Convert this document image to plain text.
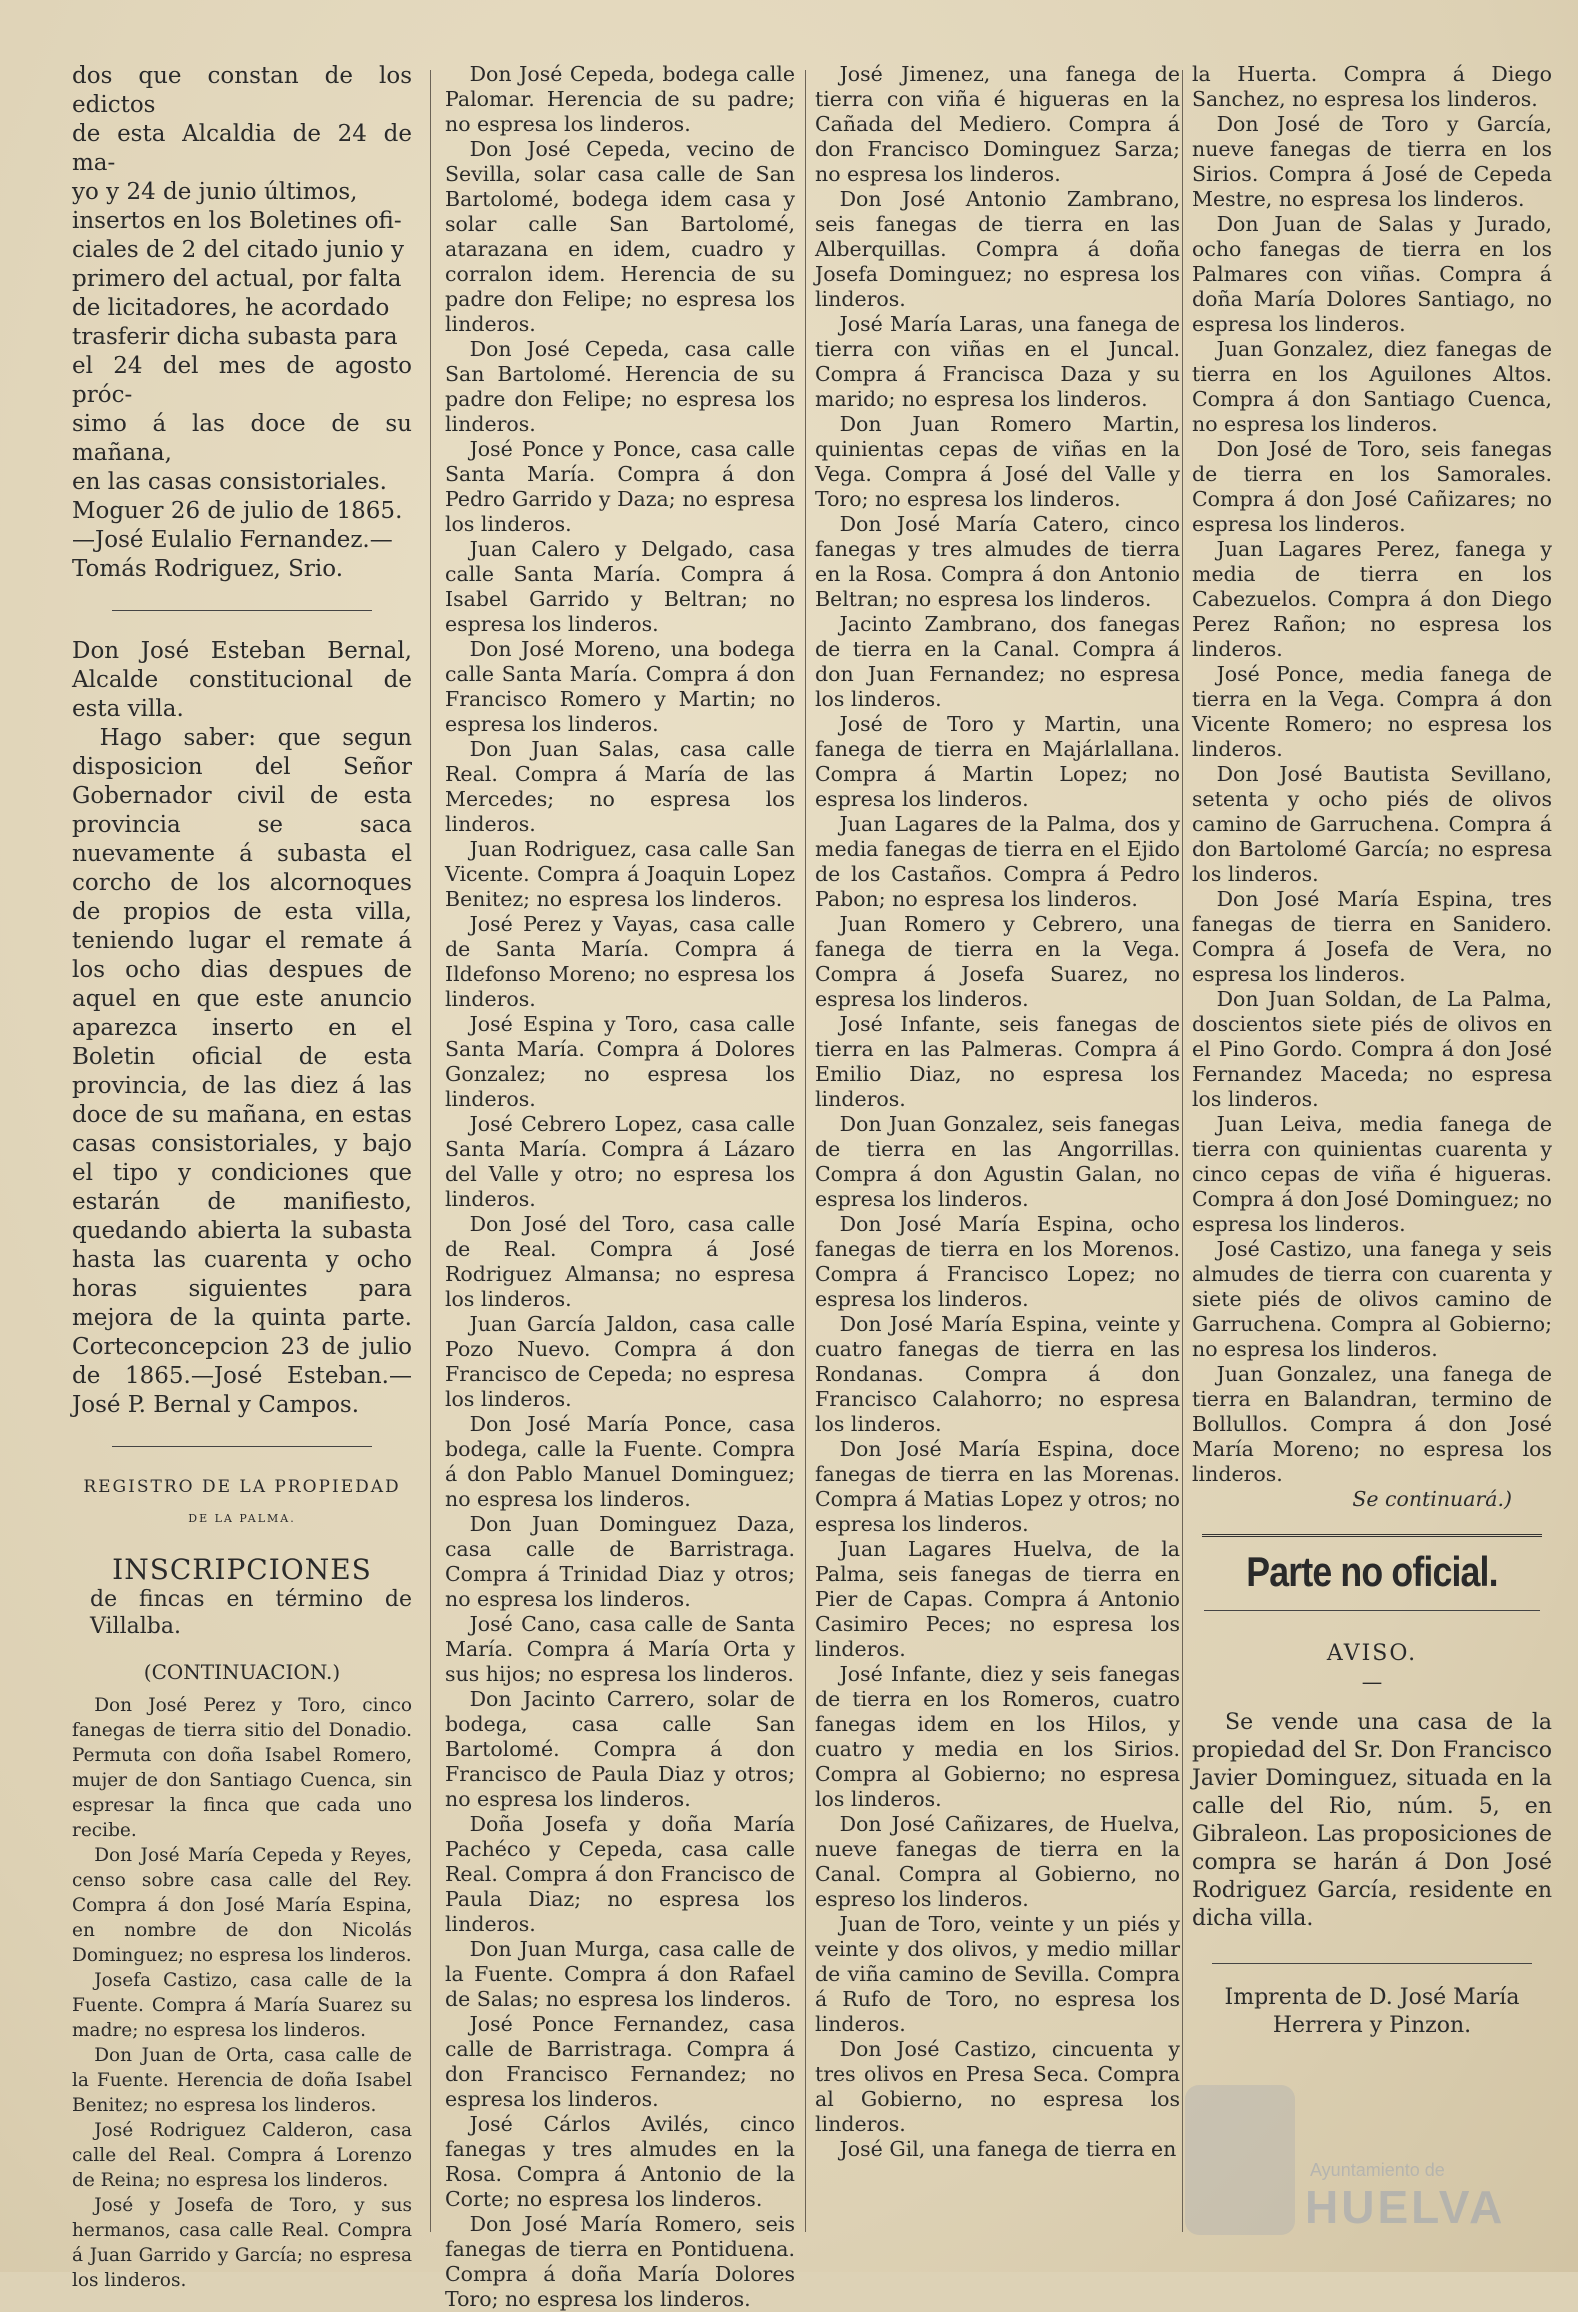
dos que constan de los edictos
de esta Alcaldia de 24 de ma-
yo y 24 de junio últimos,
insertos en los Boletines ofi-
ciales de 2 del citado junio y
primero del actual, por falta
de licitadores, he acordado
trasferir dicha subasta para
el 24 del mes de agosto próc-
simo á las doce de su mañana,
en las casas consistoriales.
Moguer 26 de julio de 1865.
—José Eulalio Fernandez.—
Tomás Rodriguez, Srio.

Don José Esteban Bernal, Alcalde constitucional de esta villa.

Hago saber: que segun disposicion del Señor Gobernador civil de esta provincia se saca nuevamente á subasta el corcho de los alcornoques de propios de esta villa, teniendo lugar el remate á los ocho dias despues de aquel en que este anuncio aparezca inserto en el Boletin oficial de esta provincia, de las diez á las doce de su mañana, en estas casas consistoriales, y bajo el tipo y condiciones que estarán de manifiesto, quedando abierta la subasta hasta las cuarenta y ocho horas siguientes para mejora de la quinta parte. Corteconcepcion 23 de julio de 1865.—José Esteban.—José P. Bernal y Campos.

REGISTRO DE LA PROPIEDAD
DE LA PALMA.
INSCRIPCIONES
de fincas en término de Villalba.
(CONTINUACION.)

Don José Perez y Toro, cinco fanegas de tierra sitio del Donadio. Permuta con doña Isabel Romero, mujer de don Santiago Cuenca, sin espresar la finca que cada uno recibe.

Don José María Cepeda y Reyes, censo sobre casa calle del Rey. Compra á don José María Espina, en nombre de don Nicolás Dominguez; no espresa los linderos.

Josefa Castizo, casa calle de la Fuente. Compra á María Suarez su madre; no espresa los linderos.

Don Juan de Orta, casa calle de la Fuente. Herencia de doña Isabel Benitez; no espresa los linderos.

José Rodriguez Calderon, casa calle del Real. Compra á Lorenzo de Reina; no espresa los linderos.

José y Josefa de Toro, y sus hermanos, casa calle Real. Compra á Juan Garrido y García; no espresa los linderos.

Don José Cepeda, bodega calle Palomar. Herencia de su padre; no espresa los linderos.

Don José Cepeda, vecino de Sevilla, solar casa calle de San Bartolomé, bodega idem casa y solar calle San Bartolomé, atarazana en idem, cuadro y corralon idem. Herencia de su padre don Felipe; no espresa los linderos.

Don José Cepeda, casa calle San Bartolomé. Herencia de su padre don Felipe; no espresa los linderos.

José Ponce y Ponce, casa calle Santa María. Compra á don Pedro Garrido y Daza; no espresa los linderos.

Juan Calero y Delgado, casa calle Santa María. Compra á Isabel Garrido y Beltran; no espresa los linderos.

Don José Moreno, una bodega calle Santa María. Compra á don Francisco Romero y Martin; no espresa los linderos.

Don Juan Salas, casa calle Real. Compra á María de las Mercedes; no espresa los linderos.

Juan Rodriguez, casa calle San Vicente. Compra á Joaquin Lopez Benitez; no espresa los linderos.

José Perez y Vayas, casa calle de Santa María. Compra á Ildefonso Moreno; no espresa los linderos.

José Espina y Toro, casa calle Santa María. Compra á Dolores Gonzalez; no espresa los linderos.

José Cebrero Lopez, casa calle Santa María. Compra á Lázaro del Valle y otro; no espresa los linderos.

Don José del Toro, casa calle de Real. Compra á José Rodriguez Almansa; no espresa los linderos.

Juan García Jaldon, casa calle Pozo Nuevo. Compra á don Francisco de Cepeda; no espresa los linderos.

Don José María Ponce, casa bodega, calle la Fuente. Compra á don Pablo Manuel Dominguez; no espresa los linderos.

Don Juan Dominguez Daza, casa calle de Barristraga. Compra á Trinidad Diaz y otros; no espresa los linderos.

José Cano, casa calle de Santa María. Compra á María Orta y sus hijos; no espresa los linderos.

Don Jacinto Carrero, solar de bodega, casa calle San Bartolomé. Compra á don Francisco de Paula Diaz y otros; no espresa los linderos.

Doña Josefa y doña María Pachéco y Cepeda, casa calle Real. Compra á don Francisco de Paula Diaz; no espresa los linderos.

Don Juan Murga, casa calle de la Fuente. Compra á don Rafael de Salas; no espresa los linderos.

José Ponce Fernandez, casa calle de Barristraga. Compra á don Francisco Fernandez; no espresa los linderos.

José Cárlos Avilés, cinco fanegas y tres almudes en la Rosa. Compra á Antonio de la Corte; no espresa los linderos.

Don José María Romero, seis fanegas de tierra en Pontiduena. Compra á doña María Dolores Toro; no espresa los linderos.

José Jimenez, una fanega de tierra con viña é higueras en la Cañada del Mediero. Compra á don Francisco Dominguez Sarza; no espresa los linderos.

Don José Antonio Zambrano, seis fanegas de tierra en las Alberquillas. Compra á doña Josefa Dominguez; no espresa los linderos.

José María Laras, una fanega de tierra con viñas en el Juncal. Compra á Francisca Daza y su marido; no espresa los linderos.

Don Juan Romero Martin, quinientas cepas de viñas en la Vega. Compra á José del Valle y Toro; no espresa los linderos.

Don José María Catero, cinco fanegas y tres almudes de tierra en la Rosa. Compra á don Antonio Beltran; no espresa los linderos.

Jacinto Zambrano, dos fanegas de tierra en la Canal. Compra á don Juan Fernandez; no espresa los linderos.

José de Toro y Martin, una fanega de tierra en Majárlallana. Compra á Martin Lopez; no espresa los linderos.

Juan Lagares de la Palma, dos y media fanegas de tierra en el Ejido de los Castaños. Compra á Pedro Pabon; no espresa los linderos.

Juan Romero y Cebrero, una fanega de tierra en la Vega. Compra á Josefa Suarez, no espresa los linderos.

José Infante, seis fanegas de tierra en las Palmeras. Compra á Emilio Diaz, no espresa los linderos.

Don Juan Gonzalez, seis fanegas de tierra en las Angorrillas. Compra á don Agustin Galan, no espresa los linderos.

Don José María Espina, ocho fanegas de tierra en los Morenos. Compra á Francisco Lopez; no espresa los linderos.

Don José María Espina, veinte y cuatro fanegas de tierra en las Rondanas. Compra á don Francisco Calahorro; no espresa los linderos.

Don José María Espina, doce fanegas de tierra en las Morenas. Compra á Matias Lopez y otros; no espresa los linderos.

Juan Lagares Huelva, de la Palma, seis fanegas de tierra en Pier de Capas. Compra á Antonio Casimiro Peces; no espresa los linderos.

José Infante, diez y seis fanegas de tierra en los Romeros, cuatro fanegas idem en los Hilos, y cuatro y media en los Sirios. Compra al Gobierno; no espresa los linderos.

Don José Cañizares, de Huelva, nueve fanegas de tierra en la Canal. Compra al Gobierno, no espreso los linderos.

Juan de Toro, veinte y un piés y veinte y dos olivos, y medio millar de viña camino de Sevilla. Compra á Rufo de Toro, no espresa los linderos.

Don José Castizo, cincuenta y tres olivos en Presa Seca. Compra al Gobierno, no espresa los linderos.

José Gil, una fanega de tierra en

la Huerta. Compra á Diego Sanchez, no espresa los linderos.

Don José de Toro y García, nueve fanegas de tierra en los Sirios. Compra á José de Cepeda Mestre, no espresa los linderos.

Don Juan de Salas y Jurado, ocho fanegas de tierra en los Palmares con viñas. Compra á doña María Dolores Santiago, no espresa los linderos.

Juan Gonzalez, diez fanegas de tierra en los Aguilones Altos. Compra á don Santiago Cuenca, no espresa los linderos.

Don José de Toro, seis fanegas de tierra en los Samorales. Compra á don José Cañizares; no espresa los linderos.

Juan Lagares Perez, fanega y media de tierra en los Cabezuelos. Compra á don Diego Perez Rañon; no espresa los linderos.

José Ponce, media fanega de tierra en la Vega. Compra á don Vicente Romero; no espresa los linderos.

Don José Bautista Sevillano, setenta y ocho piés de olivos camino de Garruchena. Compra á don Bartolomé García; no espresa los linderos.

Don José María Espina, tres fanegas de tierra en Sanidero. Compra á Josefa de Vera, no espresa los linderos.

Don Juan Soldan, de La Palma, doscientos siete piés de olivos en el Pino Gordo. Compra á don José Fernandez Maceda; no espresa los linderos.

Juan Leiva, media fanega de tierra con quinientas cuarenta y cinco cepas de viña é higueras. Compra á don José Dominguez; no espresa los linderos.

José Castizo, una fanega y seis almudes de tierra con cuarenta y siete piés de olivos camino de Garruchena. Compra al Gobierno; no espresa los linderos.

Juan Gonzalez, una fanega de tierra en Balandran, termino de Bollullos. Compra á don José María Moreno; no espresa los linderos.

Se continuará.)
Parte no oficial.
AVISO.
—

Se vende una casa de la propiedad del Sr. Don Francisco Javier Dominguez, situada en la calle del Rio, núm. 5, en Gibraleon. Las proposiciones de compra se harán á Don José Rodriguez García, residente en dicha villa.

Imprenta de D. José María Herrera y Pinzon.
Ayuntamiento de
HUELVA
